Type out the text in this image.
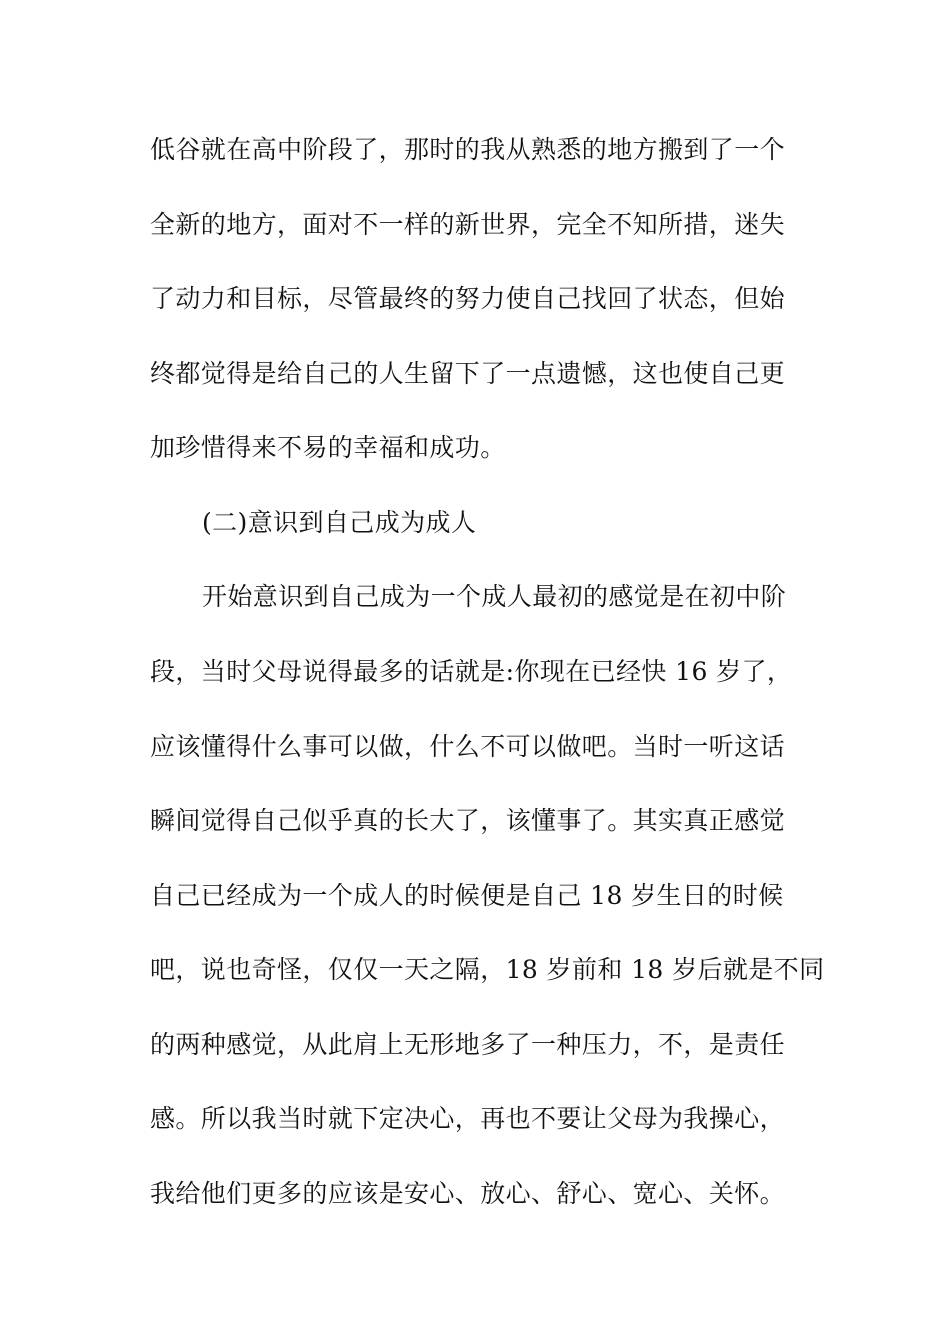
低谷就在高中阶段了，那时的我从熟悉的地方搬到了一个
全新的地方，面对不一样的新世界，完全不知所措，迷失
了动力和目标，尽管最终的努力使自己找回了状态，但始
终都觉得是给自己的人生留下了一点遗憾，这也使自己更
加珍惜得来不易的幸福和成功。
(二)意识到自己成为成人
开始意识到自己成为一个成人最初的感觉是在初中阶
段，当时父母说得最多的话就是:你现在已经快 16 岁了，
应该懂得什么事可以做，什么不可以做吧。当时一听这话
瞬间觉得自己似乎真的长大了，该懂事了。其实真正感觉
自己已经成为一个成人的时候便是自己 18 岁生日的时候
吧，说也奇怪，仅仅一天之隔，18 岁前和 18 岁后就是不同
的两种感觉，从此肩上无形地多了一种压力，不，是责任
感。所以我当时就下定决心，再也不要让父母为我操心，
我给他们更多的应该是安心、放心、舒心、宽心、关怀。
